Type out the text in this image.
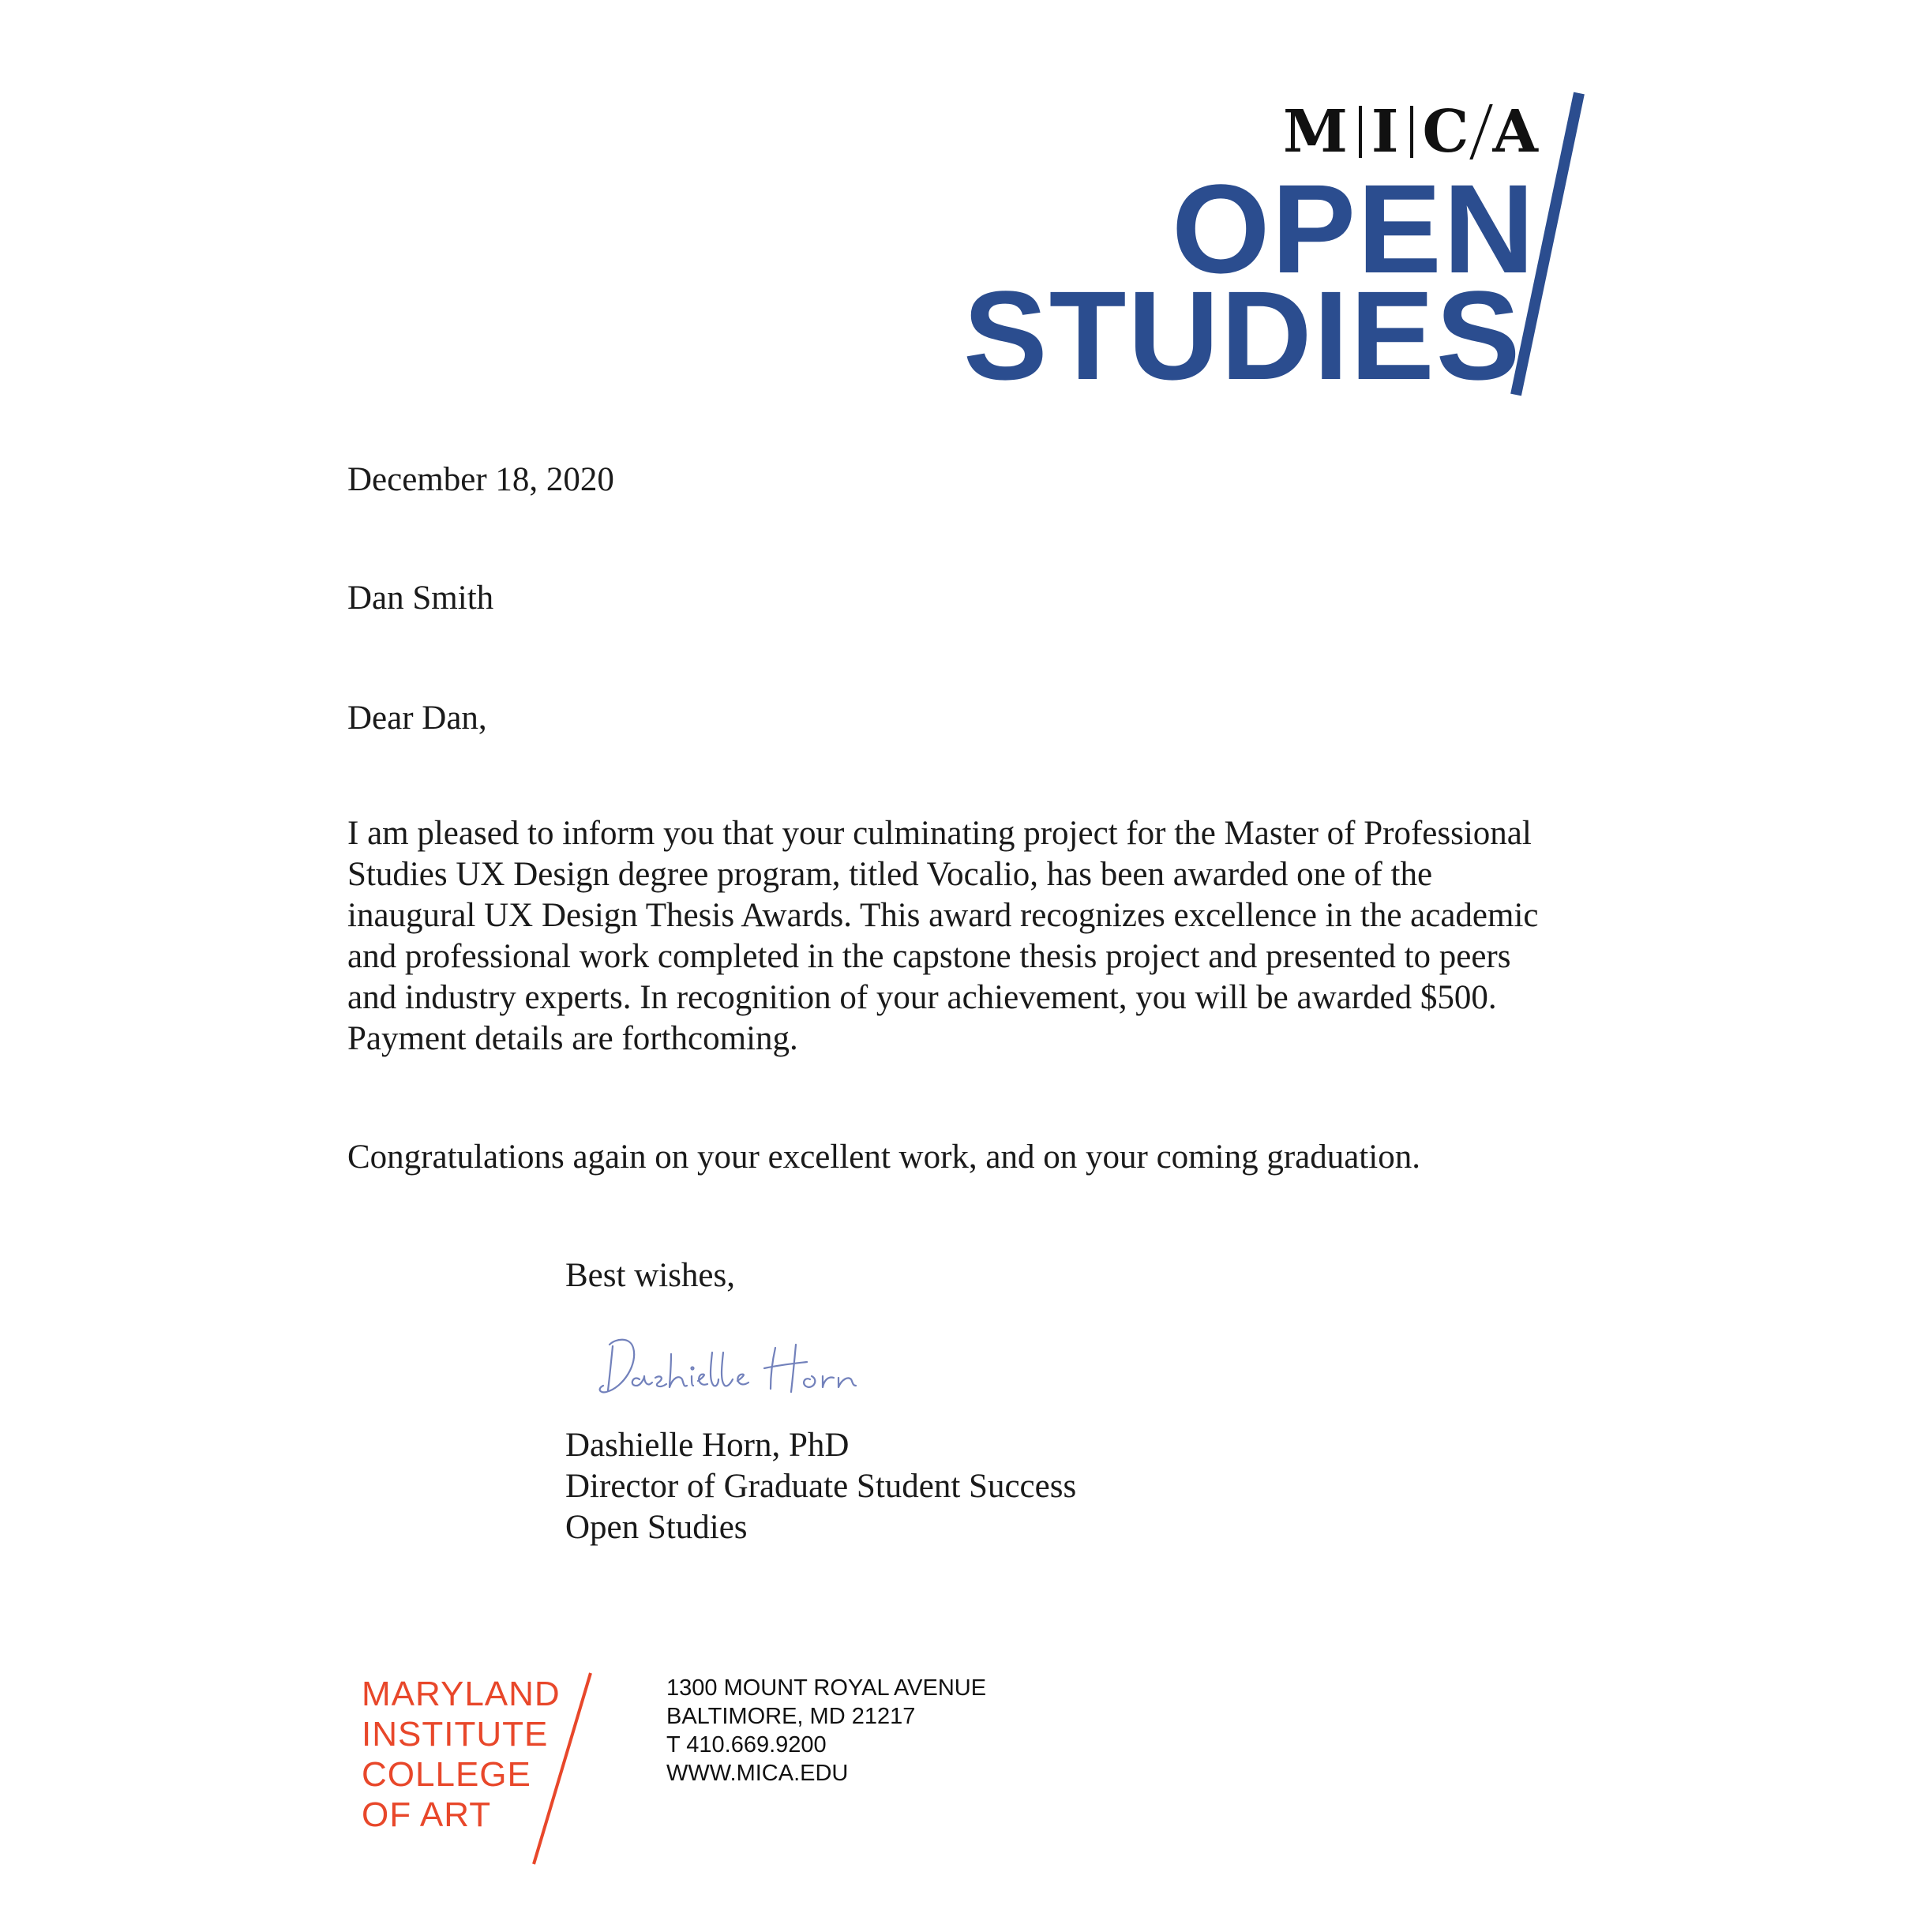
M I C A
OPEN
STUDIES
December 18, 2020
Dan Smith
Dear Dan,
I am pleased to inform you that your culminating project for the Master of Professional
Studies UX Design degree program, titled Vocalio, has been awarded one of the
inaugural UX Design Thesis Awards. This award recognizes excellence in the academic
and professional work completed in the capstone thesis project and presented to peers
and industry experts. In recognition of your achievement, you will be awarded $500.
Payment details are forthcoming.
Congratulations again on your excellent work, and on your coming graduation.
Best wishes,
Dashielle Horn, PhD
Director of Graduate Student Success
Open Studies
MARYLAND
INSTITUTE
COLLEGE
OF ART
1300 MOUNT ROYAL AVENUE
BALTIMORE, MD 21217
T 410.669.9200
WWW.MICA.EDU
